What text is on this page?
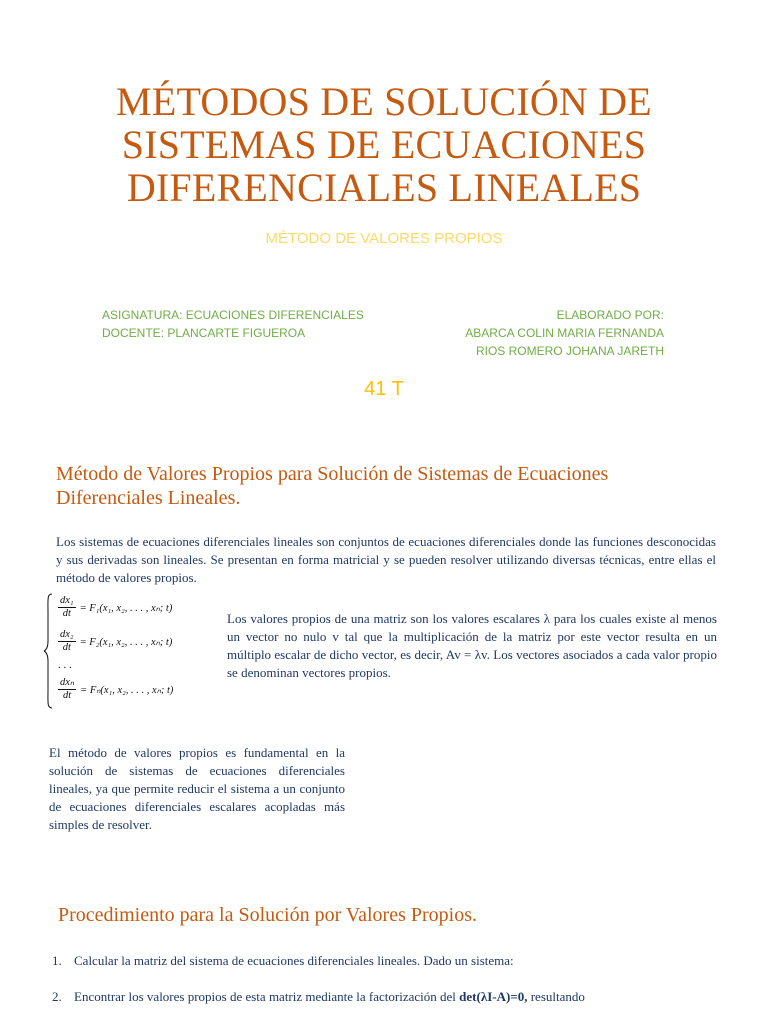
MÉTODOS DE SOLUCIÓN DE
SISTEMAS DE ECUACIONES
DIFERENCIALES LINEALES
MÉTODO DE VALORES PROPIOS
ASIGNATURA: ECUACIONES DIFERENCIALES
DOCENTE: PLANCARTE FIGUEROA
ELABORADO POR:
ABARCA COLIN MARIA FERNANDA
RIOS ROMERO JOHANA JARETH
41 T
Método de Valores Propios para Solución de Sistemas de Ecuaciones
Diferenciales Lineales.
Los sistemas de ecuaciones diferenciales lineales son conjuntos de ecuaciones diferenciales donde las funciones desconocidas y sus derivadas son lineales. Se presentan en forma matricial y se pueden resolver utilizando diversas técnicas, entre ellas el método de valores propios.
$\frac{\text{dx₁}}{dt} = F_1(x_1$, x₂, . . . , xₙ; t)
$\frac{\text{dx₂}}{dt} = F_2(x_1$, x₂, . . . , xₙ; t)
. . .
$\frac{\text{dxₙ}}{dt} = F_n(x_1$, x₂, . . . , xₙ; t)
Los valores propios de una matriz son los valores escalares λ para los cuales existe al menos un vector no nulo v tal que la multiplicación de la matriz por este vector resulta en un múltiplo escalar de dicho vector, es decir, Av = λv. Los vectores asociados a cada valor propio se denominan vectores propios.
El método de valores propios es fundamental en la solución de sistemas de ecuaciones diferenciales lineales, ya que permite reducir el sistema a un conjunto de ecuaciones diferenciales escalares acopladas más simples de resolver.
Procedimiento para la Solución por Valores Propios.
1. Calcular la matriz del sistema de ecuaciones diferenciales lineales. Dado un sistema:
2. Encontrar los valores propios de esta matriz mediante la factorización del det(λI-A)=0, resultando
